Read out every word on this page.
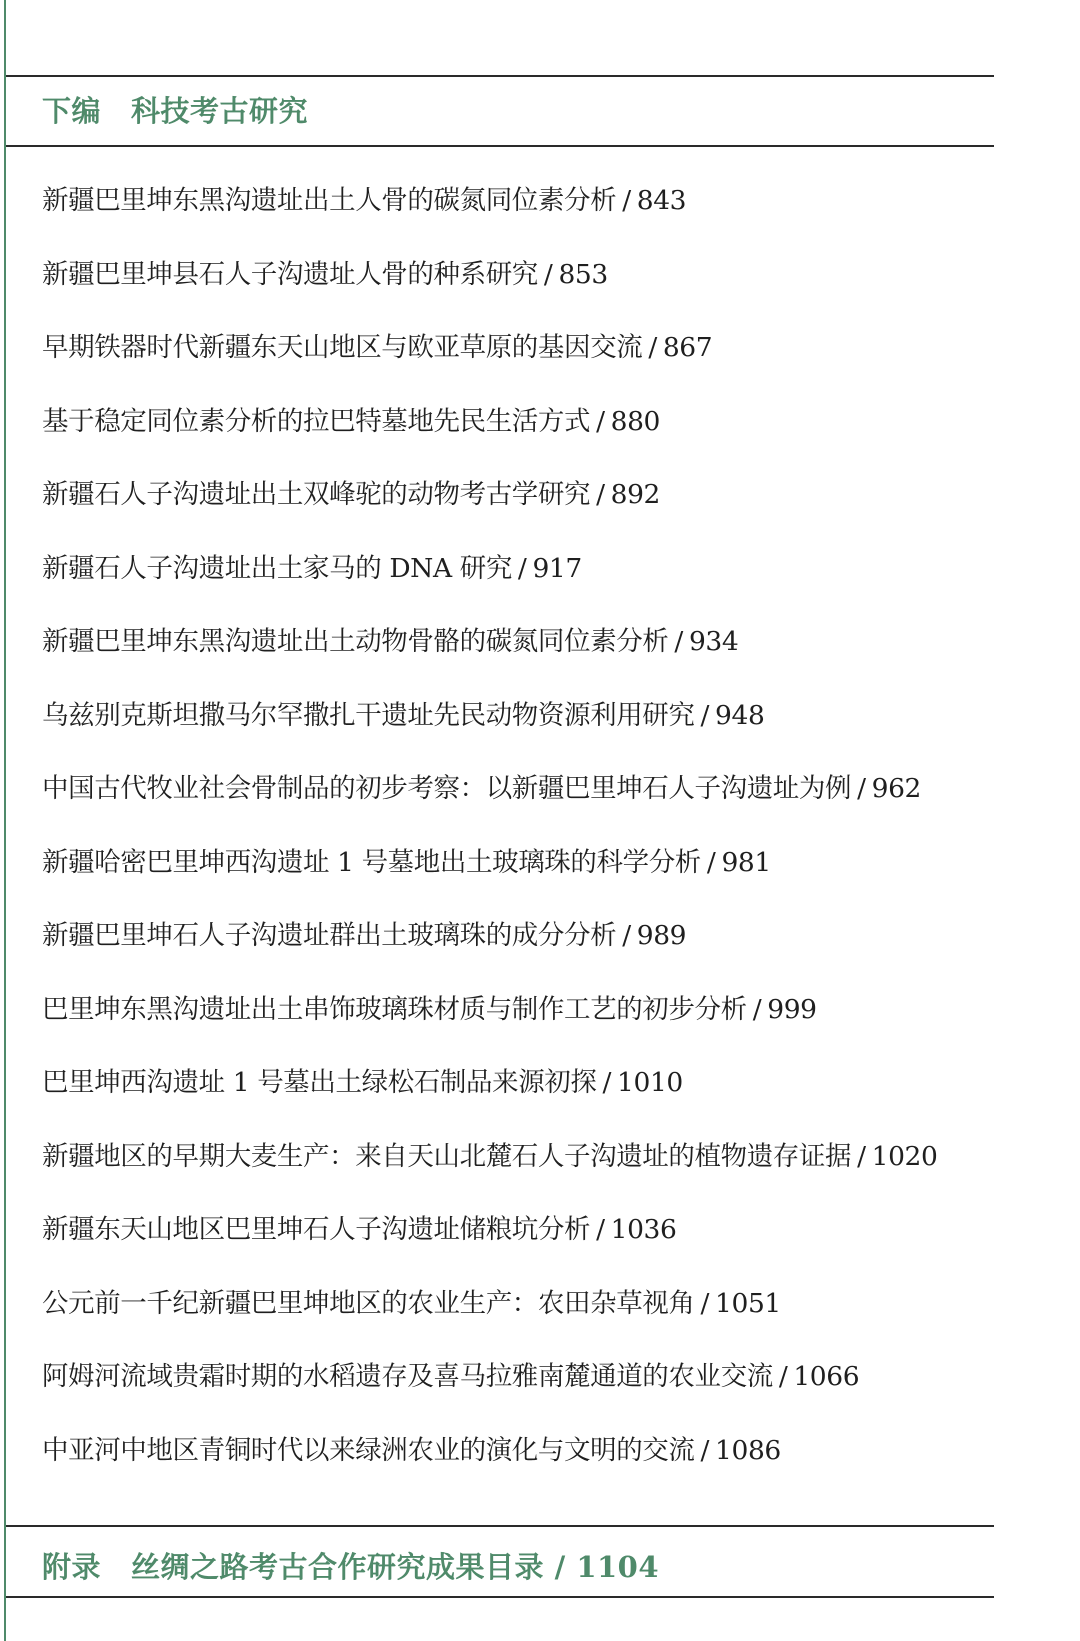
下编 科技考古研究
新疆巴里坤东黑沟遗址出土人骨的碳氮同位素分析 / 843
新疆巴里坤县石人子沟遗址人骨的种系研究 / 853
早期铁器时代新疆东天山地区与欧亚草原的基因交流 / 867
基于稳定同位素分析的拉巴特墓地先民生活方式 / 880
新疆石人子沟遗址出土双峰驼的动物考古学研究 / 892
新疆石人子沟遗址出土家马的 DNA 研究 / 917
新疆巴里坤东黑沟遗址出土动物骨骼的碳氮同位素分析 / 934
乌兹别克斯坦撒马尔罕撒扎干遗址先民动物资源利用研究 / 948
中国古代牧业社会骨制品的初步考察：以新疆巴里坤石人子沟遗址为例 / 962
新疆哈密巴里坤西沟遗址 1 号墓地出土玻璃珠的科学分析 / 981
新疆巴里坤石人子沟遗址群出土玻璃珠的成分分析 / 989
巴里坤东黑沟遗址出土串饰玻璃珠材质与制作工艺的初步分析 / 999
巴里坤西沟遗址 1 号墓出土绿松石制品来源初探 / 1010
新疆地区的早期大麦生产：来自天山北麓石人子沟遗址的植物遗存证据 / 1020
新疆东天山地区巴里坤石人子沟遗址储粮坑分析 / 1036
公元前一千纪新疆巴里坤地区的农业生产：农田杂草视角 / 1051
阿姆河流域贵霜时期的水稻遗存及喜马拉雅南麓通道的农业交流 / 1066
中亚河中地区青铜时代以来绿洲农业的演化与文明的交流 / 1086
附录 丝绸之路考古合作研究成果目录 / 1104
